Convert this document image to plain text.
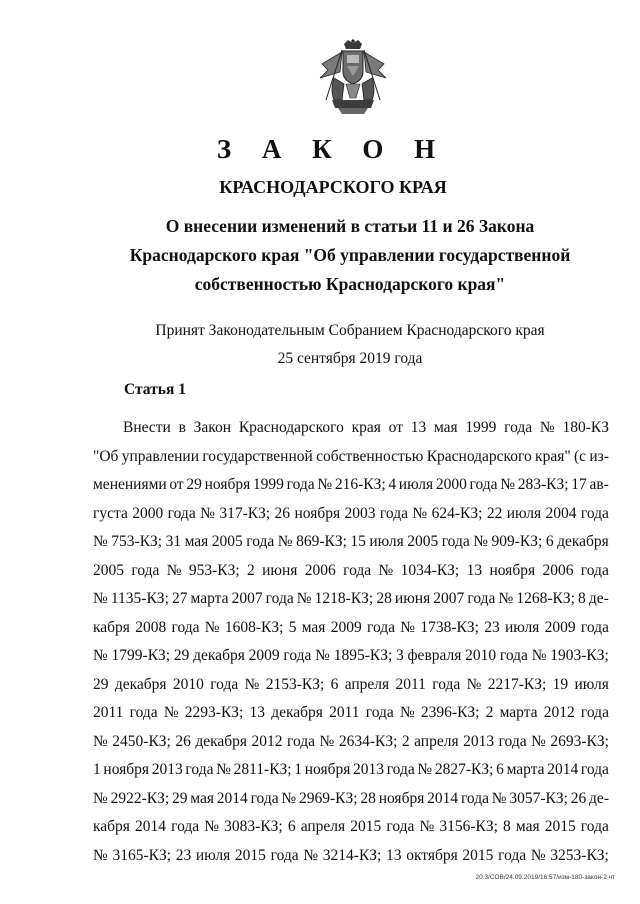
З А К О Н
КРАСНОДАРСКОГО КРАЯ
О внесении изменений в статьи 11 и 26 Закона
Краснодарского края "Об управлении государственной
собственностью Краснодарского края"
Принят Законодательным Собранием Краснодарского края
25 сентября 2019 года
Статья 1
Внести в Закон Краснодарского края от 13 мая 1999 года № 180-КЗ
"Об управлении государственной собственностью Краснодарского края" (с из-
менениями от 29 ноября 1999 года № 216-КЗ; 4 июля 2000 года № 283-КЗ; 17 ав-
густа 2000 года № 317-КЗ; 26 ноября 2003 года № 624-КЗ; 22 июля 2004 года
№ 753-КЗ; 31 мая 2005 года № 869-КЗ; 15 июля 2005 года № 909-КЗ; 6 декабря
2005 года № 953-КЗ; 2 июня 2006 года № 1034-КЗ; 13 ноября 2006 года
№ 1135-КЗ; 27 марта 2007 года № 1218-КЗ; 28 июня 2007 года № 1268-КЗ; 8 де-
кабря 2008 года № 1608-КЗ; 5 мая 2009 года № 1738-КЗ; 23 июля 2009 года
№ 1799-КЗ; 29 декабря 2009 года № 1895-КЗ; 3 февраля 2010 года № 1903-КЗ;
29 декабря 2010 года № 2153-КЗ; 6 апреля 2011 года № 2217-КЗ; 19 июля
2011 года № 2293-КЗ; 13 декабря 2011 года № 2396-КЗ; 2 марта 2012 года
№ 2450-КЗ; 26 декабря 2012 года № 2634-КЗ; 2 апреля 2013 года № 2693-КЗ;
1 ноября 2013 года № 2811-КЗ; 1 ноября 2013 года № 2827-КЗ; 6 марта 2014 года
№ 2922-КЗ; 29 мая 2014 года № 2969-КЗ; 28 ноября 2014 года № 3057-КЗ; 26 де-
кабря 2014 года № 3083-КЗ; 6 апреля 2015 года № 3156-КЗ; 8 мая 2015 года
№ 3165-КЗ; 23 июля 2015 года № 3214-КЗ; 13 октября 2015 года № 3253-КЗ;
20.3/СОВ/24.09.2019/16:57/изм-180-закон-2 чт
